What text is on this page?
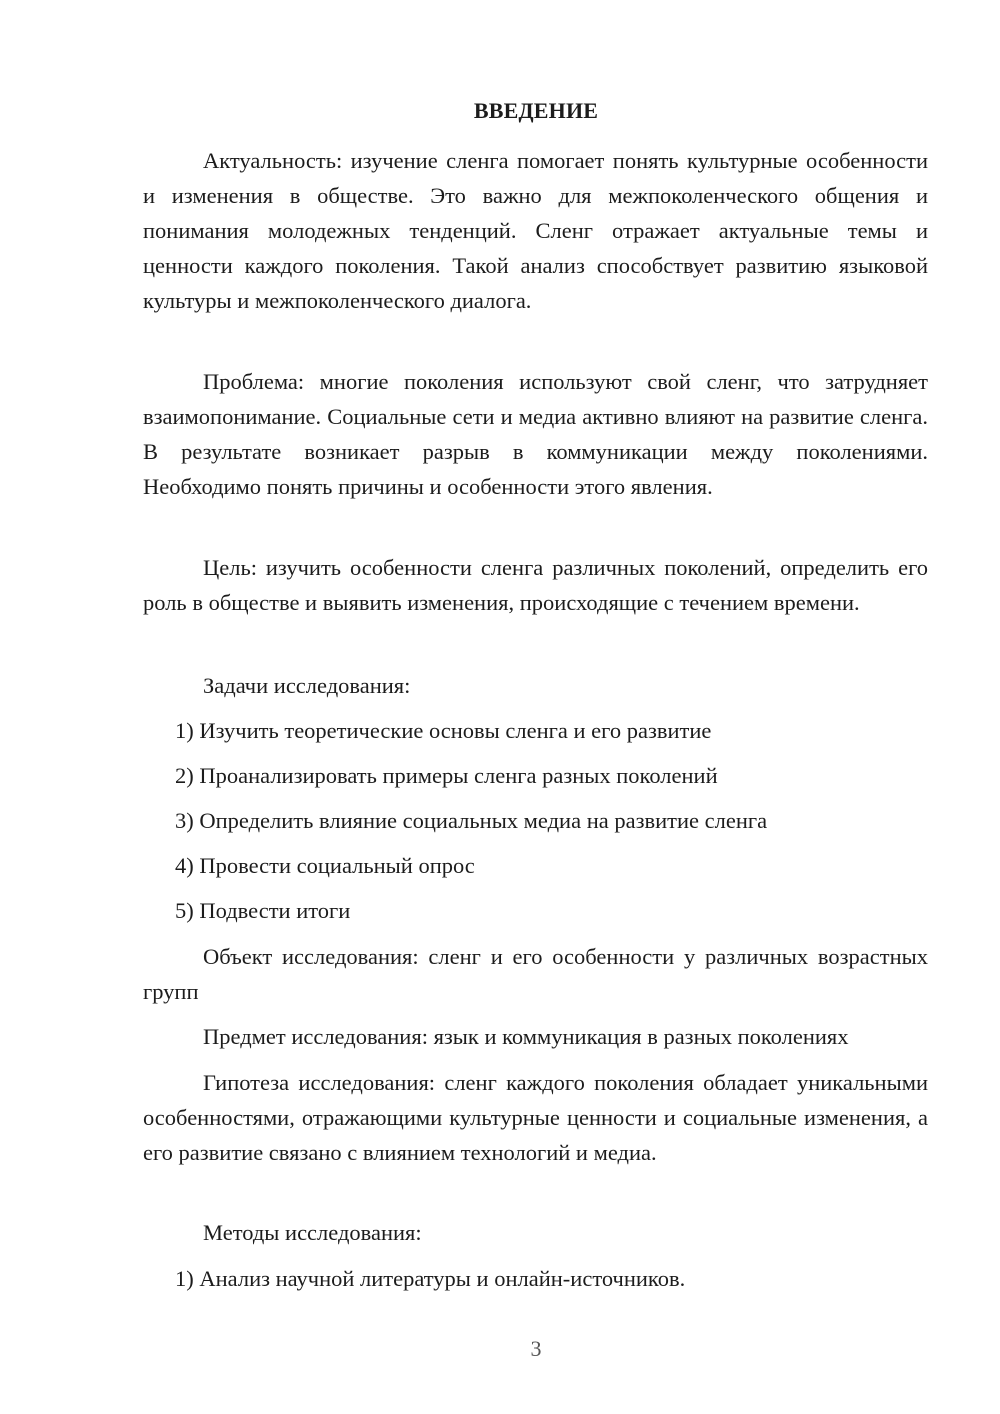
ВВЕДЕНИЕ

Актуальность: изучение сленга помогает понять культурные особенности и изменения в обществе. Это важно для межпоколенческого общения и понимания молодежных тенденций. Сленг отражает актуальные темы и ценности каждого поколения. Такой анализ способствует развитию языковой культуры и межпоколенческого диалога.

Проблема: многие поколения используют свой сленг, что затрудняет взаимопонимание. Социальные сети и медиа активно влияют на развитие сленга. В результате возникает разрыв в коммуникации между поколениями. Необходимо понять причины и особенности этого явления.

Цель: изучить особенности сленга различных поколений, определить его роль в обществе и выявить изменения, происходящие с течением времени.

Задачи исследования:

1) Изучить теоретические основы сленга и его развитие

2) Проанализировать примеры сленга разных поколений

3) Определить влияние социальных медиа на развитие сленга

4) Провести социальный опрос

5) Подвести итоги

Объект исследования: сленг и его особенности у различных возрастных групп

Предмет исследования: язык и коммуникация в разных поколениях

Гипотеза исследования: сленг каждого поколения обладает уникальными особенностями, отражающими культурные ценности и социальные изменения, а его развитие связано с влиянием технологий и медиа.

Методы исследования:

1) Анализ научной литературы и онлайн-источников.

3
